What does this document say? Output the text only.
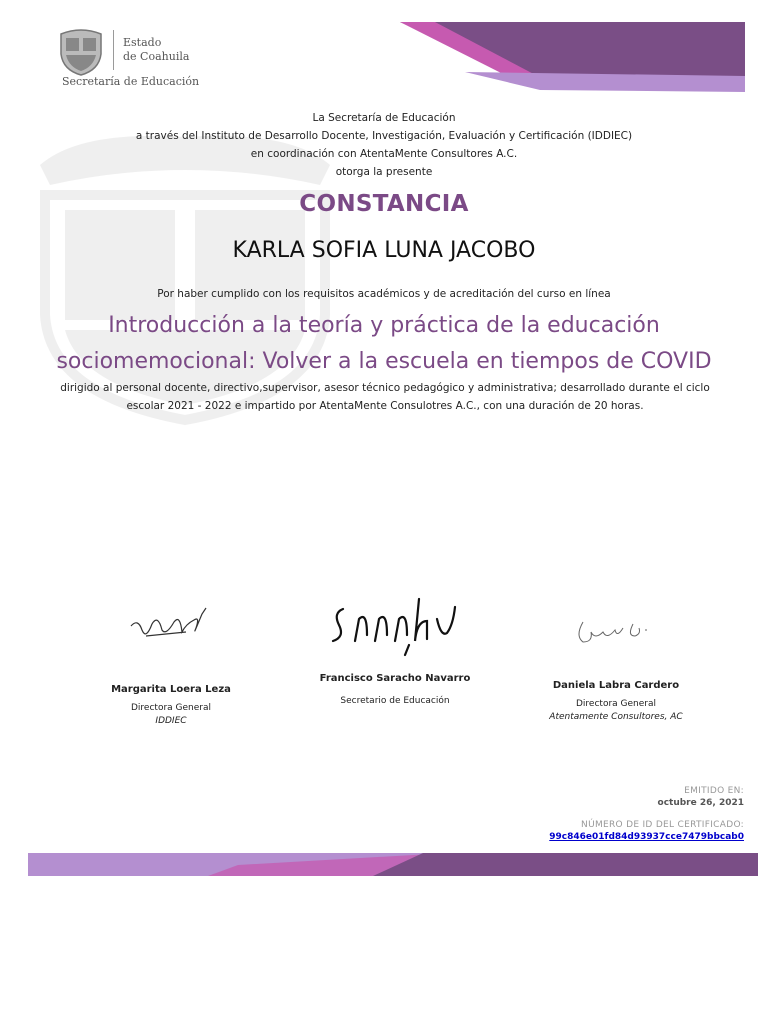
Estado
de Coahuila
Secretaría de Educación
La Secretaría de Educación
a través del Instituto de Desarrollo Docente, Investigación, Evaluación y Certificación (IDDIEC)
en coordinación con AtentaMente Consultores A.C.
otorga la presente
CONSTANCIA
KARLA SOFIA LUNA JACOBO
Por haber cumplido con los requisitos académicos y de acreditación del curso en línea
Introducción a la teoría y práctica de la educación
sociomemocional: Volver a la escuela en tiempos de COVID
dirigido al personal docente, directivo,supervisor, asesor técnico pedagógico y administrativa; desarrollado durante el ciclo
escolar 2021 - 2022 e impartido por AtentaMente Consulotres A.C., con una duración de 20 horas.
Margarita Loera Leza
Directora General
IDDIEC
Francisco Saracho Navarro
Secretario de Educación
Daniela Labra Cardero
Directora General
Atentamente Consultores, AC
EMITIDO EN:
octubre 26, 2021
NÚMERO DE ID DEL CERTIFICADO:
99c846e01fd84d93937cce7479bbcab0
